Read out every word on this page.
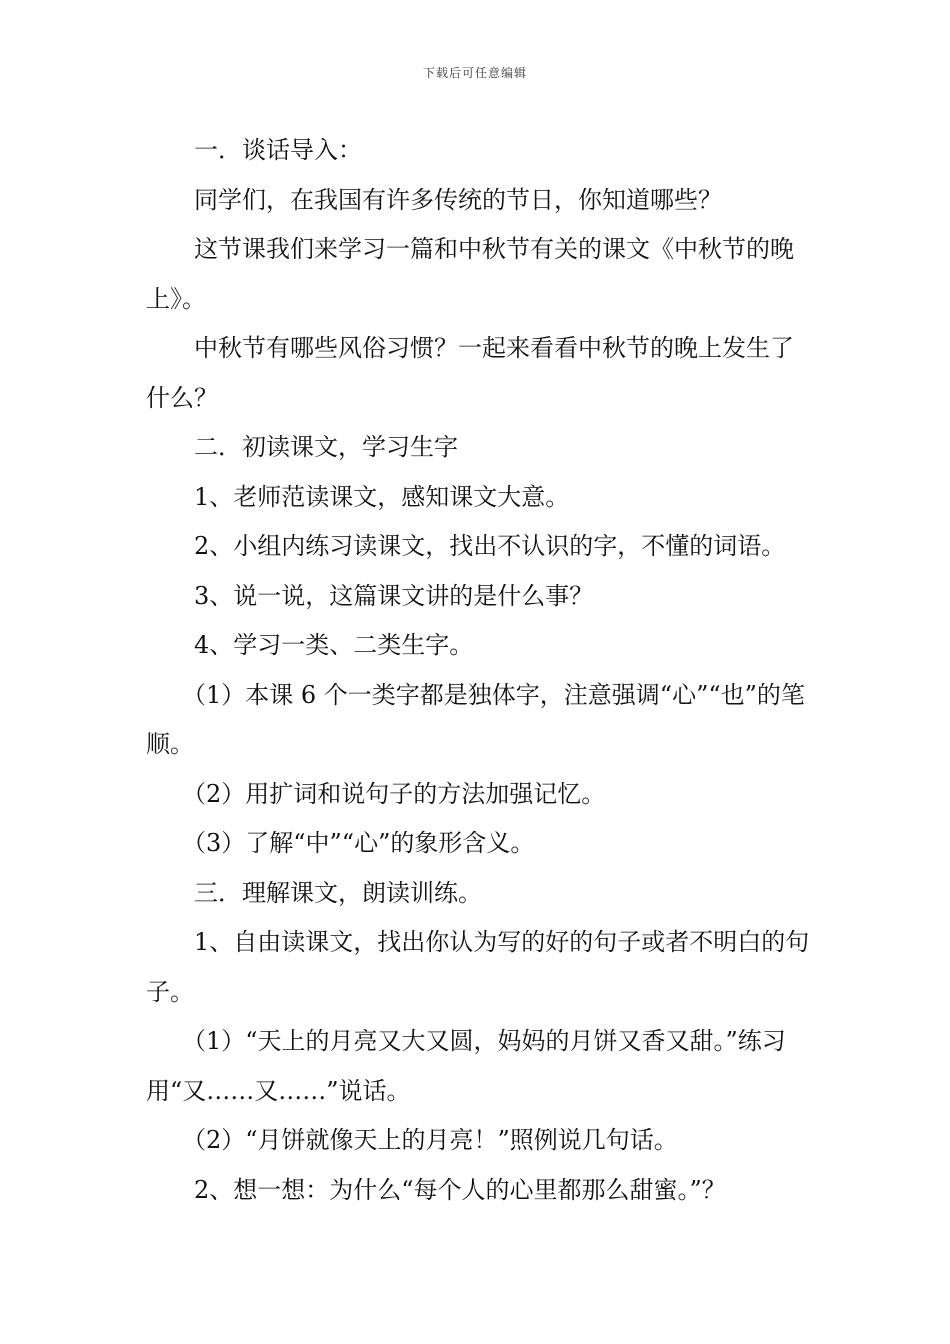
下载后可任意编辑

　　一．谈话导入：

　　同学们，在我国有许多传统的节日，你知道哪些？

　　这节课我们来学习一篇和中秋节有关的课文《中秋节的晚上》。

　　中秋节有哪些风俗习惯？一起来看看中秋节的晚上发生了什么？

　　二．初读课文，学习生字

　　1、老师范读课文，感知课文大意。

　　2、小组内练习读课文，找出不认识的字，不懂的词语。

　　3、说一说，这篇课文讲的是什么事？

　　4、学习一类、二类生字。

　　（1）本课 6 个一类字都是独体字，注意强调“心”“也”的笔顺。

　　（2）用扩词和说句子的方法加强记忆。

　　（3）了解“中”“心”的象形含义。

　　三．理解课文，朗读训练。

　　1、自由读课文，找出你认为写的好的句子或者不明白的句子。

　　（1）“天上的月亮又大又圆，妈妈的月饼又香又甜。”练习用“又……又……”说话。

　　（2）“月饼就像天上的月亮！”照例说几句话。

　　2、想一想：为什么“每个人的心里都那么甜蜜。”？
